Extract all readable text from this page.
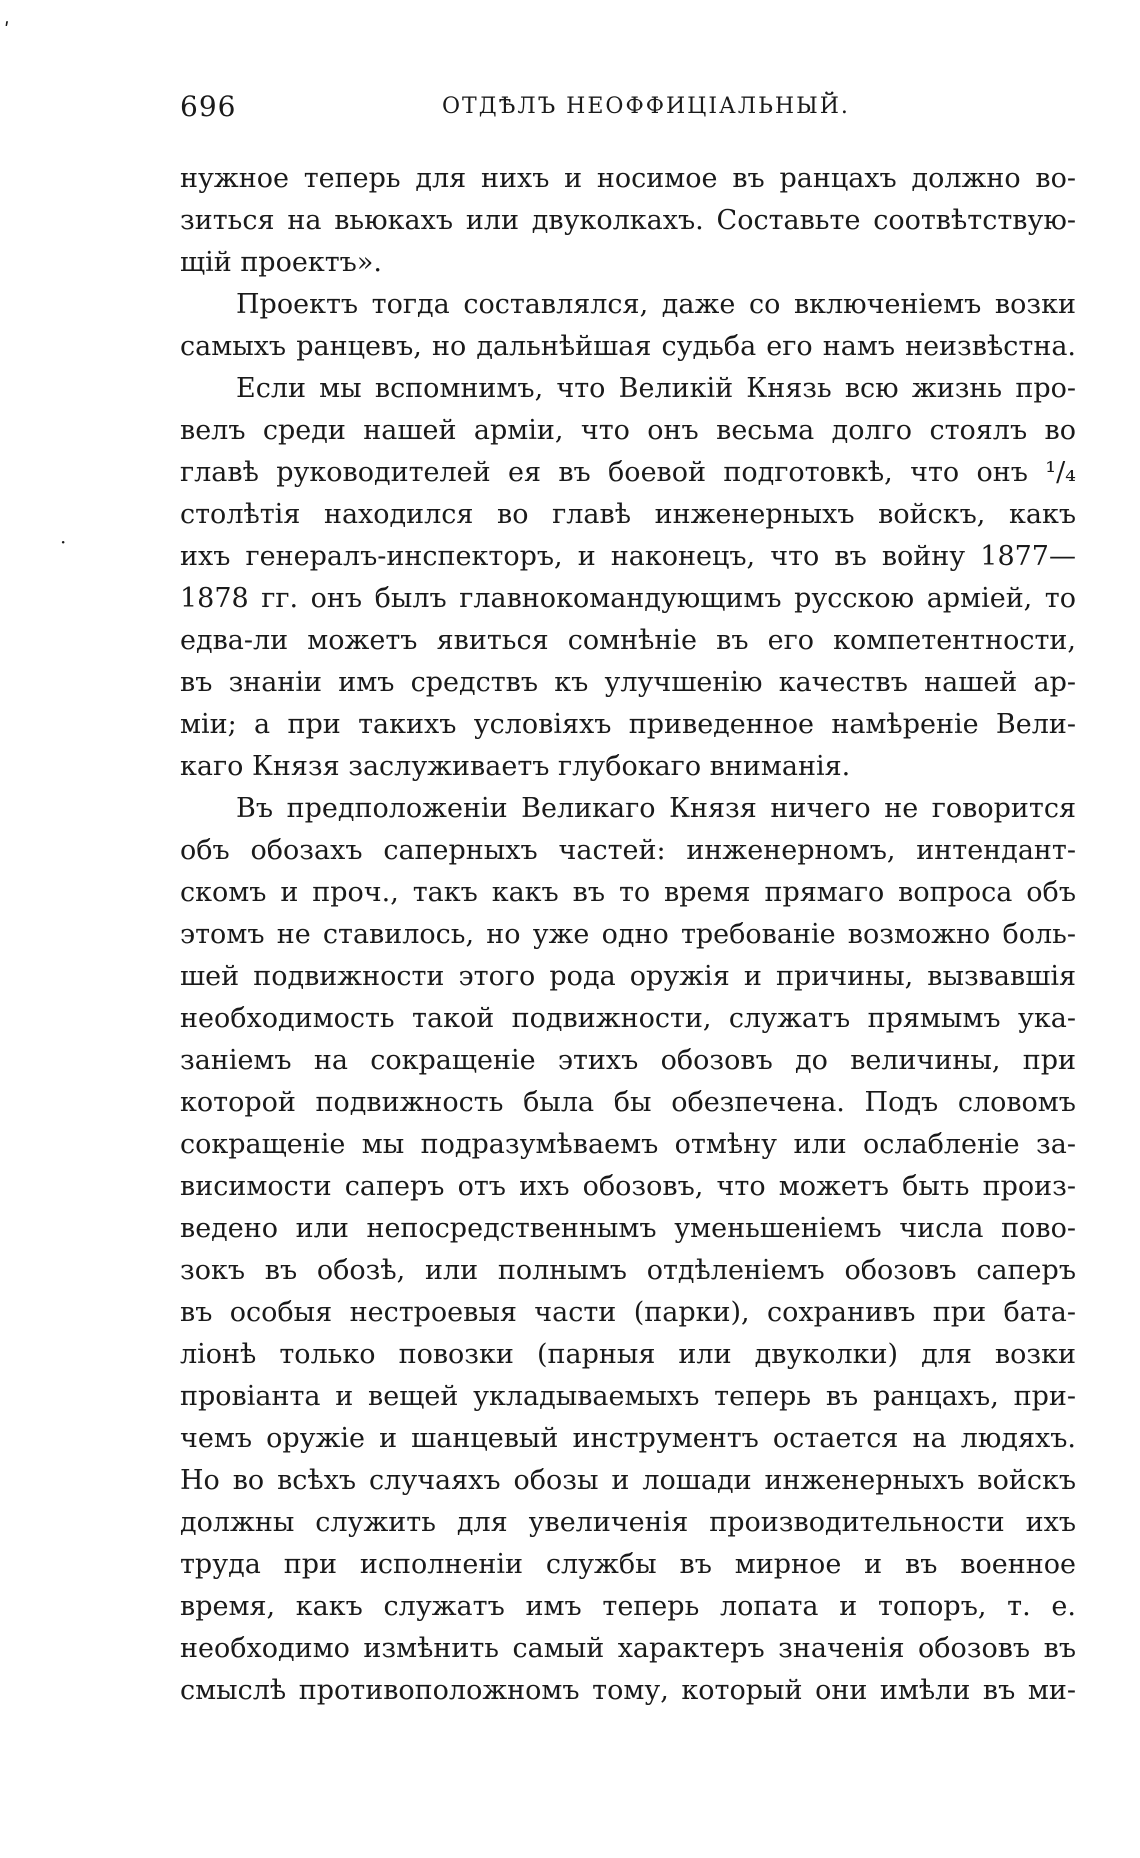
ʹ
·
696	ОТДѢЛЪ НЕОФФИЦІАЛЬНЫЙ.
нужное теперь для нихъ и носимое въ ранцахъ должно во-
зиться на вьюкахъ или двуколкахъ. Составьте соотвѣтствую-
щій проектъ».
Проектъ тогда составлялся, даже со включеніемъ возки
самыхъ ранцевъ, но дальнѣйшая судьба его намъ неизвѣстна.
Если мы вспомнимъ, что Великій Князь всю жизнь про-
велъ среди нашей арміи, что онъ весьма долго стоялъ во
главѣ руководителей ея въ боевой подготовкѣ, что онъ ¹/₄
столѣтія находился во главѣ инженерныхъ войскъ, какъ
ихъ генералъ-инспекторъ, и наконецъ, что въ войну 1877—
1878 гг. онъ былъ главнокомандующимъ русскою арміей, то
едва-ли можетъ явиться сомнѣніе въ его компетентности,
въ знаніи имъ средствъ къ улучшенію качествъ нашей ар-
міи; а при такихъ условіяхъ приведенное намѣреніе Вели-
каго Князя заслуживаетъ глубокаго вниманія.
Въ предположеніи Великаго Князя ничего не говорится
объ обозахъ саперныхъ частей: инженерномъ, интендант-
скомъ и проч., такъ какъ въ то время прямаго вопроса объ
этомъ не ставилось, но уже одно требованіе возможно боль-
шей подвижности этого рода оружія и причины, вызвавшія
необходимость такой подвижности, служатъ прямымъ ука-
заніемъ на сокращеніе этихъ обозовъ до величины, при
которой подвижность была бы обезпечена. Подъ словомъ
сокращеніе мы подразумѣваемъ отмѣну или ослабленіе за-
висимости саперъ отъ ихъ обозовъ, что можетъ быть произ-
ведено или непосредственнымъ уменьшеніемъ числа пово-
зокъ въ обозѣ, или полнымъ отдѣленіемъ обозовъ саперъ
въ особыя нестроевыя части (парки), сохранивъ при бата-
ліонѣ только повозки (парныя или двуколки) для возки
провіанта и вещей укладываемыхъ теперь въ ранцахъ, при-
чемъ оружіе и шанцевый инструментъ остается на людяхъ.
Но во всѣхъ случаяхъ обозы и лошади инженерныхъ войскъ
должны служить для увеличенія производительности ихъ
труда при исполненіи службы въ мирное и въ военное
время, какъ служатъ имъ теперь лопата и топоръ, т. е.
необходимо измѣнить самый характеръ значенія обозовъ въ
смыслѣ противоположномъ тому, который они имѣли въ ми-
